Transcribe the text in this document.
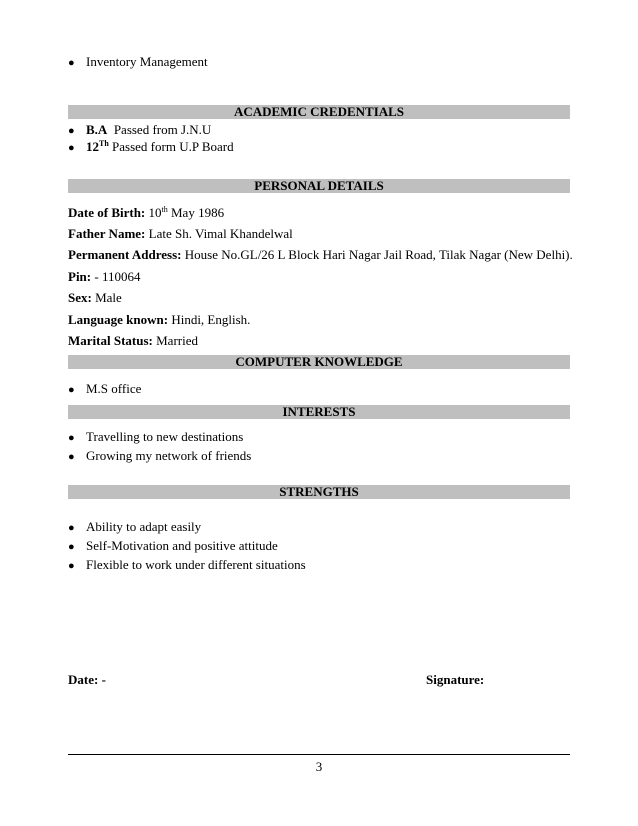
● Inventory Management
ACADEMIC CREDENTIALS
● B.A Passed from J.N.U
● 12Th Passed form U.P Board
PERSONAL DETAILS
Date of Birth: 10th May 1986
Father Name: Late Sh. Vimal Khandelwal
Permanent Address: House No.GL/26 L Block Hari Nagar Jail Road, Tilak Nagar (New Delhi).
Pin: - 110064
Sex: Male
Language known: Hindi, English.
Marital Status: Married
COMPUTER KNOWLEDGE
● M.S office
INTERESTS
● Travelling to new destinations
● Growing my network of friends
STRENGTHS
● Ability to adapt easily
● Self-Motivation and positive attitude
● Flexible to work under different situations
Date: -	Signature:
3
